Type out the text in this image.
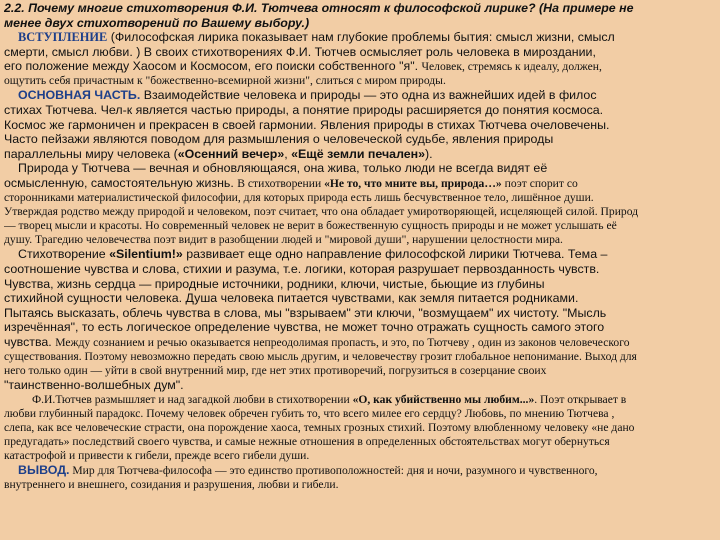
2.2. Почему многие стихотворения Ф.И. Тютчева относят к философской лирике? (На примере не

менее двух стихотворений по Вашему выбору.)

ВСТУПЛЕНИЕ (Философская лирика показывает нам глубокие проблемы бытия: смысл жизни, смысл

смерти, смысл любви. ) В своих стихотворениях Ф.И. Тютчев осмысляет роль человека в мироздании,

его положение между Хаосом и Космосом, его поиски собственного "я". Человек, стремясь к идеалу, должен,

ощутить себя причастным к "божественно-всемирной жизни", слиться с миром природы.

ОСНОВНАЯ ЧАСТЬ. Взаимодействие человека и природы — это одна из важнейших идей в филос

стихах Тютчева. Чел-к является частью природы, а понятие природы расширяется до понятия космоса.

Космос же гармоничен и прекрасен в своей гармонии. Явления природы в стихах Тютчева очеловечены.

Часто пейзажи являются поводом для размышления о человеческой судьбе, явления природы

параллельны миру человека («Осенний вечер», «Ещё земли печален»).

Природа у Тютчева — вечная и обновляющаяся, она жива, только люди не всегда видят её

осмысленную, самостоятельную жизнь. В стихотворении «Не то, что мните вы, природа…» поэт спорит со

сторонниками материалистической философии, для которых природа есть лишь бесчувственное тело, лишённое души.

Утверждая родство между природой и человеком, поэт считает, что она обладает умиротворяющей, исцеляющей силой. Природ

— творец мысли и красоты. Но современный человек не верит в божественную сущность природы и не может услышать её

душу. Трагедию человечества поэт видит в разобщении людей и "мировой души", нарушении целостности мира.

Стихотворение «Silentium!» развивает еще одно направление философской лирики Тютчева. Тема –

соотношение чувства и слова, стихии и разума, т.е. логики, которая разрушает первозданность чувств.

Чувства, жизнь сердца — природные источники, родники, ключи, чистые, бьющие из глубины

стихийной сущности человека. Душа человека питается чувствами, как земля питается родниками.

Пытаясь высказать, облечь чувства в слова, мы "взрываем" эти ключи, "возмущаем" их чистоту. "Мысль

изречённая", то есть логическое определение чувства, не может точно отражать сущность самого этого

чувства. Между сознанием и речью оказывается непреодолимая пропасть, и это, по Тютчеву , один из законов человеческого

существования. Поэтому невозможно передать свою мысль другим, и человечеству грозит глобальное непонимание. Выход для

него только один — уйти в свой внутренний мир, где нет этих противоречий, погрузиться в созерцание своих

"таинственно-волшебных дум".

Ф.И.Тютчев размышляет и над загадкой любви в стихотворении «О, как убийственно мы любим...». Поэт открывает в

любви глубинный парадокс. Почему человек обречен губить то, что всего милее его сердцу? Любовь, по мнению Тютчева ,

слепа, как все человеческие страсти, она порождение хаоса, темных грозных стихий. Поэтому влюбленному человеку «не дано

предугадать» последствий своего чувства, и самые нежные отношения в определенных обстоятельствах могут обернуться

катастрофой и привести к гибели, прежде всего гибели души.

ВЫВОД. Мир для Тютчева-философа — это единство противоположностей: дня и ночи, разумного и чувственного,

внутреннего и внешнего, созидания и разрушения, любви и гибели.
